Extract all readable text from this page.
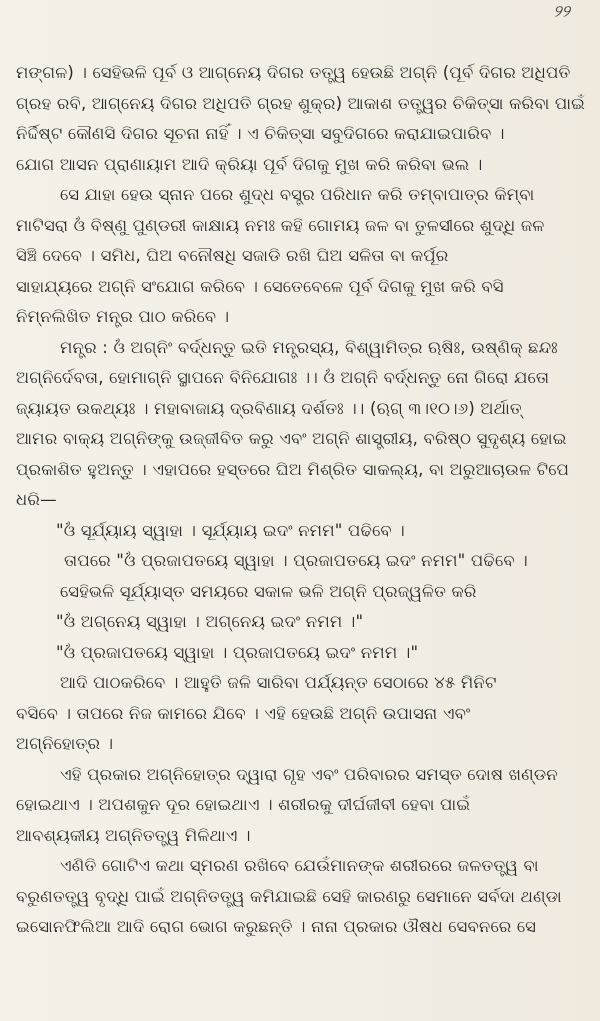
୨୨
ମଙ୍ଗଳ) । ସେହିଭଳି ପୂର୍ବ ଓ ଆଗ୍ନେୟ ଦିଗର ତତ୍ତ୍ୱ ହେଉଛି ଅଗ୍ନି (ପୂର୍ବ ଦିଗର ଅଧିପତି
ଗ୍ରହ ରବି, ଆଗ୍ନେୟ ଦିଗର ଅଧିପତି ଗ୍ରହ ଶୁକ୍ର) ଆକାଶ ତତ୍ତ୍ୱର ଚିକିତ୍ସା କରିବା ପାଇଁ
ନିର୍ଦ୍ଦିଷ୍ଟ କୌଣସି ଦିଗର ସୂଚନା ନାହିଁ । ଏ ଚିକିତ୍ସା ସବୁଦିଗରେ କରାଯାଇପାରିବ ।
ଯୋଗ ଆସନ ପ୍ରାଣାୟାମ ଆଦି କ୍ରିୟା ପୂର୍ବ ଦିଗକୁ ମୁଖ କରି କରିବା ଭଲ ।
ସେ ଯାହା ହେଉ ସ୍ନାନ ପରେ ଶୁଦ୍ଧ ବସ୍ତ୍ର ପରିଧାନ କରି ତମ୍ବାପାତ୍ର କିମ୍ବା
ମାଟିସରା ଓଁ ବିଷ୍ଣୁ ପୁଣ୍ଡରୀ କାକ୍ଷାୟ ନମଃ କହି ଗୋମୟ ଜଳ ବା ତୁଳସୀରେ ଶୁଦ୍ଧି ଜଳ
ସିଞ୍ଚି ଦେବେ । ସମିଧ, ଘିଅ ବନୌଷଧି ସଜାଡି ରଖି ଘିଅ ସଳିତା ବା କର୍ପୂର
ସାହାଯ୍ୟରେ ଅଗ୍ନି ସଂଯୋଗ କରିବେ । ସେତେବେଳେ ପୂର୍ବ ଦିଗକୁ ମୁଖ କରି ବସି
ନିମ୍ନଲିଖିତ ମନ୍ତ୍ର ପାଠ କରିବେ ।
ମନ୍ତ୍ର : ଓଁ ଅଗ୍ନିଂ ବର୍ଦ୍ଧନ୍ତୁ ଇତି ମନ୍ତ୍ରସ୍ୟ, ବିଶ୍ୱାମିତ୍ର ଋଷିଃ, ଉଷ୍ଣିକ୍ ଛନ୍ଦଃ
ଅଗ୍ନିର୍ଦେବତା, ହୋମାଗ୍ନି ସ୍ଥାପନେ ବିନିଯୋଗଃ ।। ଓଁ ଅଗ୍ନି ବର୍ଦ୍ଧନ୍ତୁ ନୋ ଗିରୋ ଯତୋ
ଜ୍ୟାୟତ ଉକଥ୍ୟଃ । ମହାବାଜାୟ ଦ୍ରବିଣାୟ ଦର୍ଶତଃ ।। (ଋଗ୍ ୩।୧୦।୬) ଅର୍ଥାତ୍
ଆମର ବାକ୍ୟ ଅଗ୍ନିଙ୍କୁ ଉଜ୍ଜୀବିତ କରୁ ଏବଂ ଅଗ୍ନି ଶାସ୍ତ୍ରୀୟ, ବରିଷ୍ଠ ସୁଦୃଶ୍ୟ ହୋଇ
ପ୍ରକାଶିତ ହୁଅନ୍ତୁ । ଏହାପରେ ହସ୍ତରେ ଘିଅ ମିଶ୍ରିତ ସାକଲ୍ୟ, ବା ଅରୁଆଚାଉଳ ଟିପେ
ଧରି—
"ଓଁ ସୂର୍ଯ୍ୟାୟ ସ୍ୱାହା । ସୂର୍ଯ୍ୟାୟ ଇଦଂ ନମମ" ପଢିବେ ।
ତାପରେ "ଓଁ ପ୍ରଜାପତୟେ ସ୍ୱାହା । ପ୍ରଜାପତୟେ ଇଦଂ ନମମ" ପଢିବେ ।
ସେହିଭଳି ସୂର୍ଯ୍ୟାସ୍ତ ସମୟରେ ସକାଳ ଭଳି ଅଗ୍ନି ପ୍ରଜ୍ୱଳିତ କରି
"ଓଁ ଅଗ୍ନେୟ ସ୍ୱାହା । ଅଗ୍ନେୟ ଇଦଂ ନମମ ।"
"ଓଁ ପ୍ରଜାପତୟେ ସ୍ୱାହା । ପ୍ରଜାପତୟେ ଇଦଂ ନମମ ।"
ଆଦି ପାଠକରିବେ । ଆହୁତି ଜଳି ସାରିବା ପର୍ଯ୍ୟନ୍ତ ସେଠାରେ ୪୫ ମିନିଟ
ବସିବେ । ତାପରେ ନିଜ କାମରେ ଯିବେ । ଏହି ହେଉଛି ଅଗ୍ନି ଉପାସନା ଏବଂ
ଅଗ୍ନିହୋତ୍ର ।
ଏହି ପ୍ରକାର ଅଗ୍ନିହୋତ୍ର ଦ୍ୱାରା ଗୃହ ଏବଂ ପରିବାରର ସମସ୍ତ ଦୋଷ ଖଣ୍ଡନ
ହୋଇଥାଏ । ଅପଶକୁନ ଦୂର ହୋଇଥାଏ । ଶରୀରକୁ ଦୀର୍ଘଜୀବୀ ହେବା ପାଇଁ
ଆବଶ୍ୟକୀୟ ଅଗ୍ନିତତ୍ତ୍ୱ ମିଳିଥାଏ ।
ଏଣିତି ଗୋଟିଏ କଥା ସ୍ମରଣ ରଖିବେ ଯେଉଁମାନଙ୍କ ଶରୀରରେ ଜଳତତ୍ତ୍ୱ ବା
ବରୁଣତତ୍ତ୍ୱ ବୃଦ୍ଧି ପାଇଁ ଅଗ୍ନିତତ୍ତ୍ୱ କମିଯାଇଛି ସେହି କାରଣରୁ ସେମାନେ ସର୍ବଦା ଥଣ୍ଡା
ଇସୋନଫିଲିଆ ଆଦି ରୋଗ ଭୋଗ କରୁଛନ୍ତି । ନାନା ପ୍ରକାର ଔଷଧ ସେବନରେ ସେ
